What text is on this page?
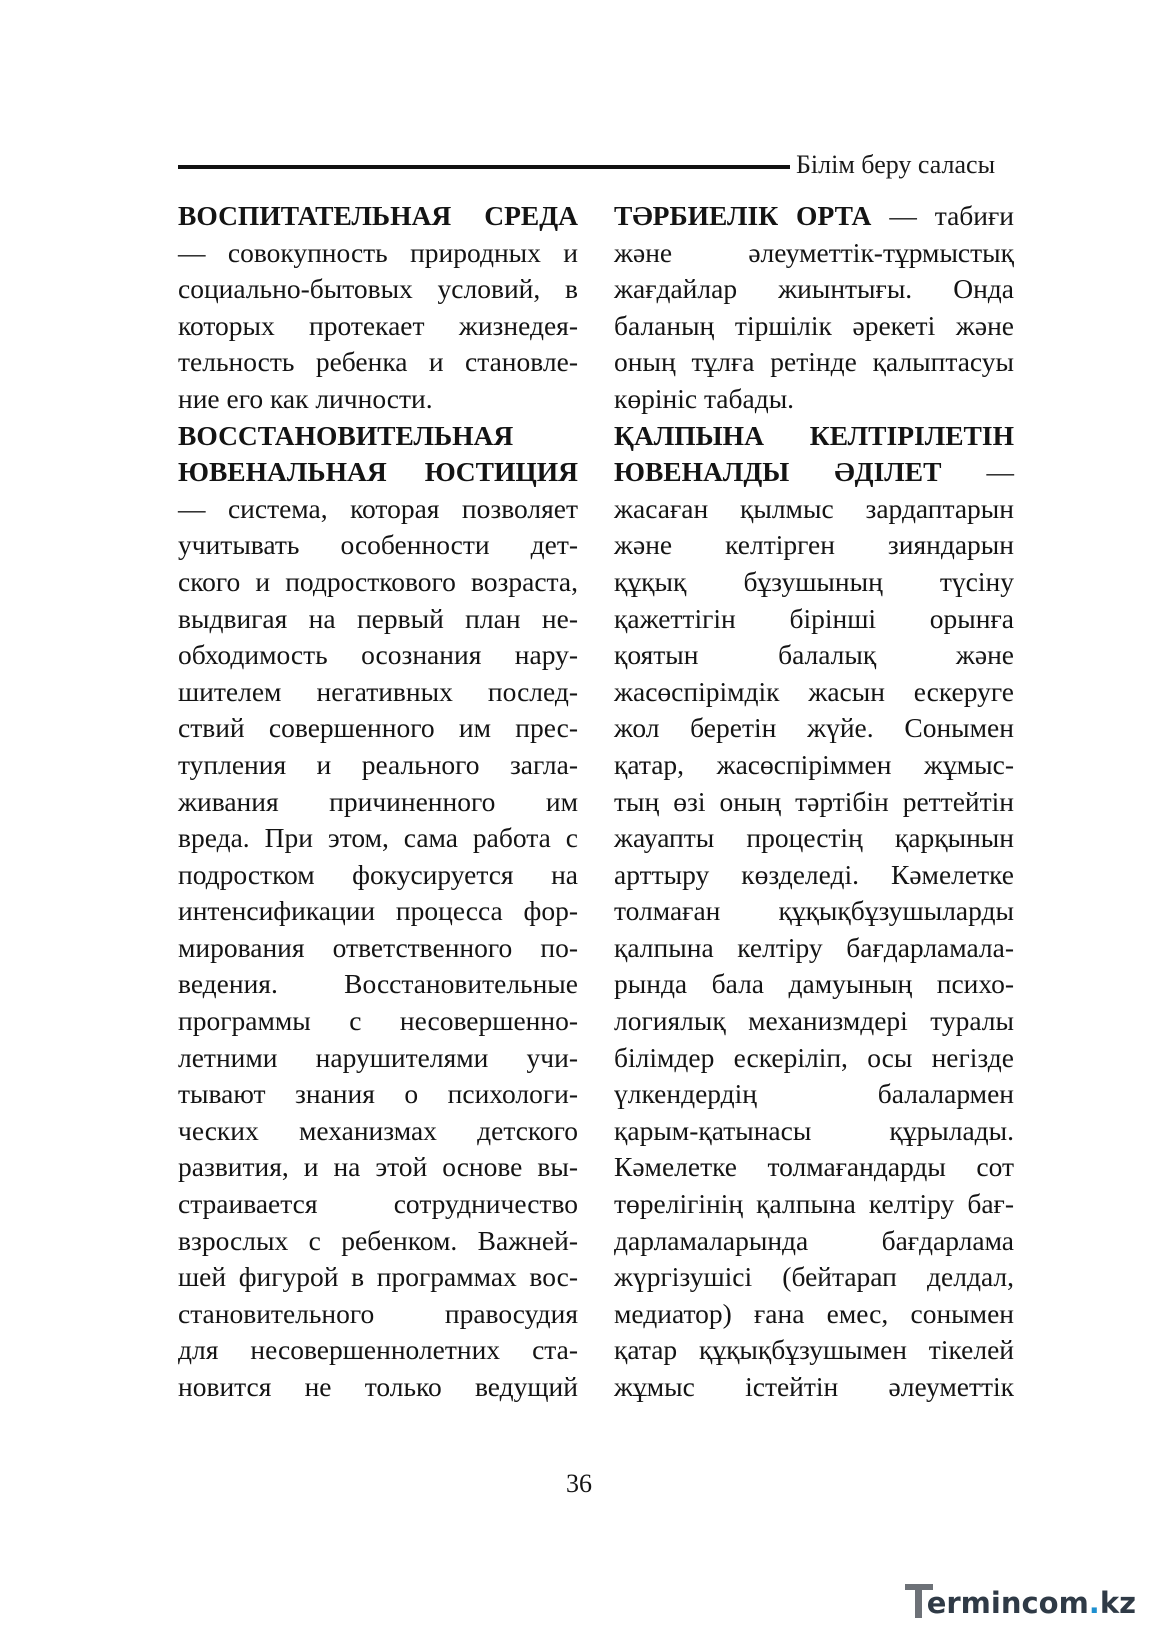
Білім беру саласы
ВОСПИТАТЕЛЬНАЯ СРЕДА
— совокупность природных и
социально-бытовых условий, в
которых протекает жизнедея-
тельность ребенка и становле-
ние его как личности.
ВОССТАНОВИТЕЛЬНАЯ
ЮВЕНАЛЬНАЯ ЮСТИЦИЯ
— система, которая позволяет
учитывать особенности дет-
ского и подросткового возраста,
выдвигая на первый план не-
обходимость осознания нару-
шителем негативных послед-
ствий совершенного им прес-
тупления и реального загла-
живания причиненного им
вреда. При этом, сама работа с
подростком фокусируется на
интенсификации процесса фор-
мирования ответственного по-
ведения. Восстановительные
программы с несовершенно-
летними нарушителями учи-
тывают знания о психологи-
ческих механизмах детского
развития, и на этой основе вы-
страивается сотрудничество
взрослых с ребенком. Важней-
шей фигурой в программах вос-
становительного правосудия
для несовершеннолетних ста-
новится не только ведущий
ТӘРБИЕЛІК ОРТА — табиғи
және әлеуметтік-тұрмыстық
жағдайлар жиынтығы. Онда
баланың тіршілік әрекеті және
оның тұлға ретінде қалыптасуы
көрініс табады.
ҚАЛПЫНА КЕЛТІРІЛЕТІН
ЮВЕНАЛДЫ ӘДІЛЕТ —
жасаған қылмыс зардаптарын
және келтірген зияндарын
құқық бұзушының түсіну
қажеттігін бірінші орынға
қоятын балалық және
жасөспірімдік жасын ескеруге
жол беретін жүйе. Сонымен
қатар, жасөспіріммен жұмыс-
тың өзі оның тәртібін реттейтін
жауапты процестің қарқынын
арттыру көзделеді. Кәмелетке
толмаған құқықбұзушыларды
қалпына келтіру бағдарламала-
рында бала дамуының психо-
логиялық механизмдері туралы
білімдер ескеріліп, осы негізде
үлкендердің балалармен
қарым-қатынасы құрылады.
Кәмелетке толмағандарды сот
төрелігінің қалпына келтіру бағ-
дарламаларында бағдарлама
жүргізушісі (бейтарап делдал,
медиатор) ғана емес, сонымен
қатар құқықбұзушымен тікелей
жұмыс істейтін әлеуметтік
36
ermincom.kz
